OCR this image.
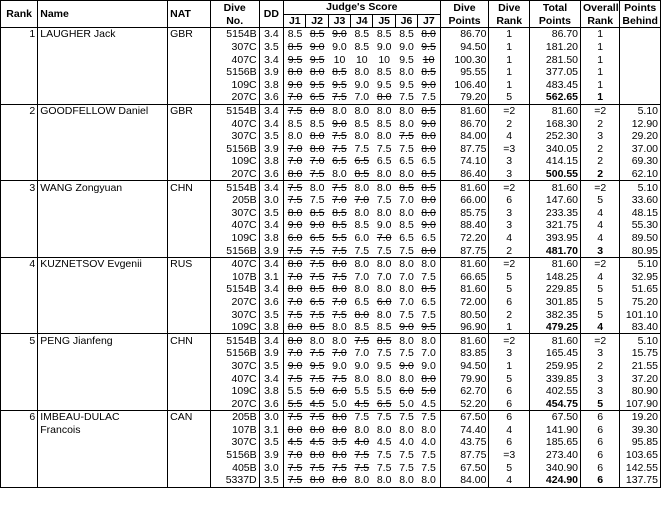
Rank	Name	NAT	Dive	DD	Judge's Score							Dive	Dive	Total	Overall	Points
			No.		J1	J2	J3	J4	J5	J6	J7	Points	Rank	Points	Rank	Behind
1	LAUGHER Jack	GBR	5154B	3.4	8.5	8.5	9.0	8.5	8.5	8.5	8.0	86.70	1	86.70	1	
			307C	3.5	8.5	9.0	9.0	8.5	9.0	9.0	9.5	94.50	1	181.20	1	
			407C	3.4	9.5	9.5	10	10	10	9.5	10	100.30	1	281.50	1	
			5156B	3.9	8.0	8.0	8.5	8.0	8.5	8.0	8.5	95.55	1	377.05	1	
			109C	3.8	9.0	9.5	9.5	9.0	9.5	9.5	9.0	106.40	1	483.45	1	
			207C	3.6	7.0	6.5	7.5	7.0	8.0	7.5	7.5	79.20	5	562.65	1	
2	GOODFELLOW Daniel	GBR	5154B	3.4	7.5	8.0	8.0	8.0	8.0	8.0	8.5	81.60	=2	81.60	=2	5.10
			407C	3.4	8.5	8.5	9.0	8.5	8.5	8.0	9.0	86.70	2	168.30	2	12.90
			307C	3.5	8.0	8.0	7.5	8.0	8.0	7.5	8.0	84.00	4	252.30	3	29.20
			5156B	3.9	7.0	8.0	7.5	7.5	7.5	7.5	8.0	87.75	=3	340.05	2	37.00
			109C	3.8	7.0	7.0	6.5	6.5	6.5	6.5	6.5	74.10	3	414.15	2	69.30
			207C	3.6	8.0	7.5	8.0	8.5	8.0	8.0	8.5	86.40	3	500.55	2	62.10
3	WANG Zongyuan	CHN	5154B	3.4	7.5	8.0	7.5	8.0	8.0	8.5	8.5	81.60	=2	81.60	=2	5.10
			205B	3.0	7.5	7.5	7.0	7.0	7.5	7.0	8.0	66.00	6	147.60	5	33.60
			307C	3.5	8.0	8.5	8.5	8.0	8.0	8.0	8.0	85.75	3	233.35	4	48.15
			407C	3.4	9.0	9.0	8.5	8.5	9.0	8.5	9.0	88.40	3	321.75	4	55.30
			109C	3.8	6.0	6.5	5.5	6.0	7.0	6.5	6.5	72.20	4	393.95	4	89.50
			5156B	3.9	7.5	7.5	7.5	7.5	7.5	7.5	8.0	87.75	2	481.70	3	80.95
4	KUZNETSOV Evgenii	RUS	407C	3.4	8.0	7.5	8.0	8.0	8.0	8.0	8.0	81.60	=2	81.60	=2	5.10
			107B	3.1	7.0	7.5	7.5	7.0	7.0	7.0	7.5	66.65	5	148.25	4	32.95
			5154B	3.4	8.0	8.5	8.0	8.0	8.0	8.0	8.5	81.60	5	229.85	5	51.65
			207C	3.6	7.0	6.5	7.0	6.5	6.0	7.0	6.5	72.00	6	301.85	5	75.20
			307C	3.5	7.5	7.5	7.5	8.0	8.0	7.5	7.5	80.50	2	382.35	5	101.10
			109C	3.8	8.0	8.5	8.0	8.5	8.5	9.0	9.5	96.90	1	479.25	4	83.40
5	PENG Jianfeng	CHN	5154B	3.4	8.0	8.0	8.0	7.5	8.5	8.0	8.0	81.60	=2	81.60	=2	5.10
			5156B	3.9	7.0	7.5	7.0	7.0	7.5	7.5	7.0	83.85	3	165.45	3	15.75
			307C	3.5	9.0	9.5	9.0	9.0	9.5	9.0	9.0	94.50	1	259.95	2	21.55
			407C	3.4	7.5	7.5	7.5	8.0	8.0	8.0	8.0	79.90	5	339.85	3	37.20
			109C	3.8	5.5	5.0	6.0	5.5	5.5	6.0	5.0	62.70	6	402.55	3	80.90
			207C	3.6	5.5	4.5	5.0	4.5	6.5	5.0	4.5	52.20	6	454.75	5	107.90
6	IMBEAU-DULAC	CAN	205B	3.0	7.5	7.5	8.0	7.5	7.5	7.5	7.5	67.50	6	67.50	6	19.20
	Francois		107B	3.1	8.0	8.0	8.0	8.0	8.0	8.0	8.0	74.40	4	141.90	6	39.30
			307C	3.5	4.5	4.5	3.5	4.0	4.5	4.0	4.0	43.75	6	185.65	6	95.85
			5156B	3.9	7.0	8.0	8.0	7.5	7.5	7.5	7.5	87.75	=3	273.40	6	103.65
			405B	3.0	7.5	7.5	7.5	7.5	7.5	7.5	7.5	67.50	5	340.90	6	142.55
			5337D	3.5	7.5	8.0	8.0	8.0	8.0	8.0	8.0	84.00	4	424.90	6	137.75
